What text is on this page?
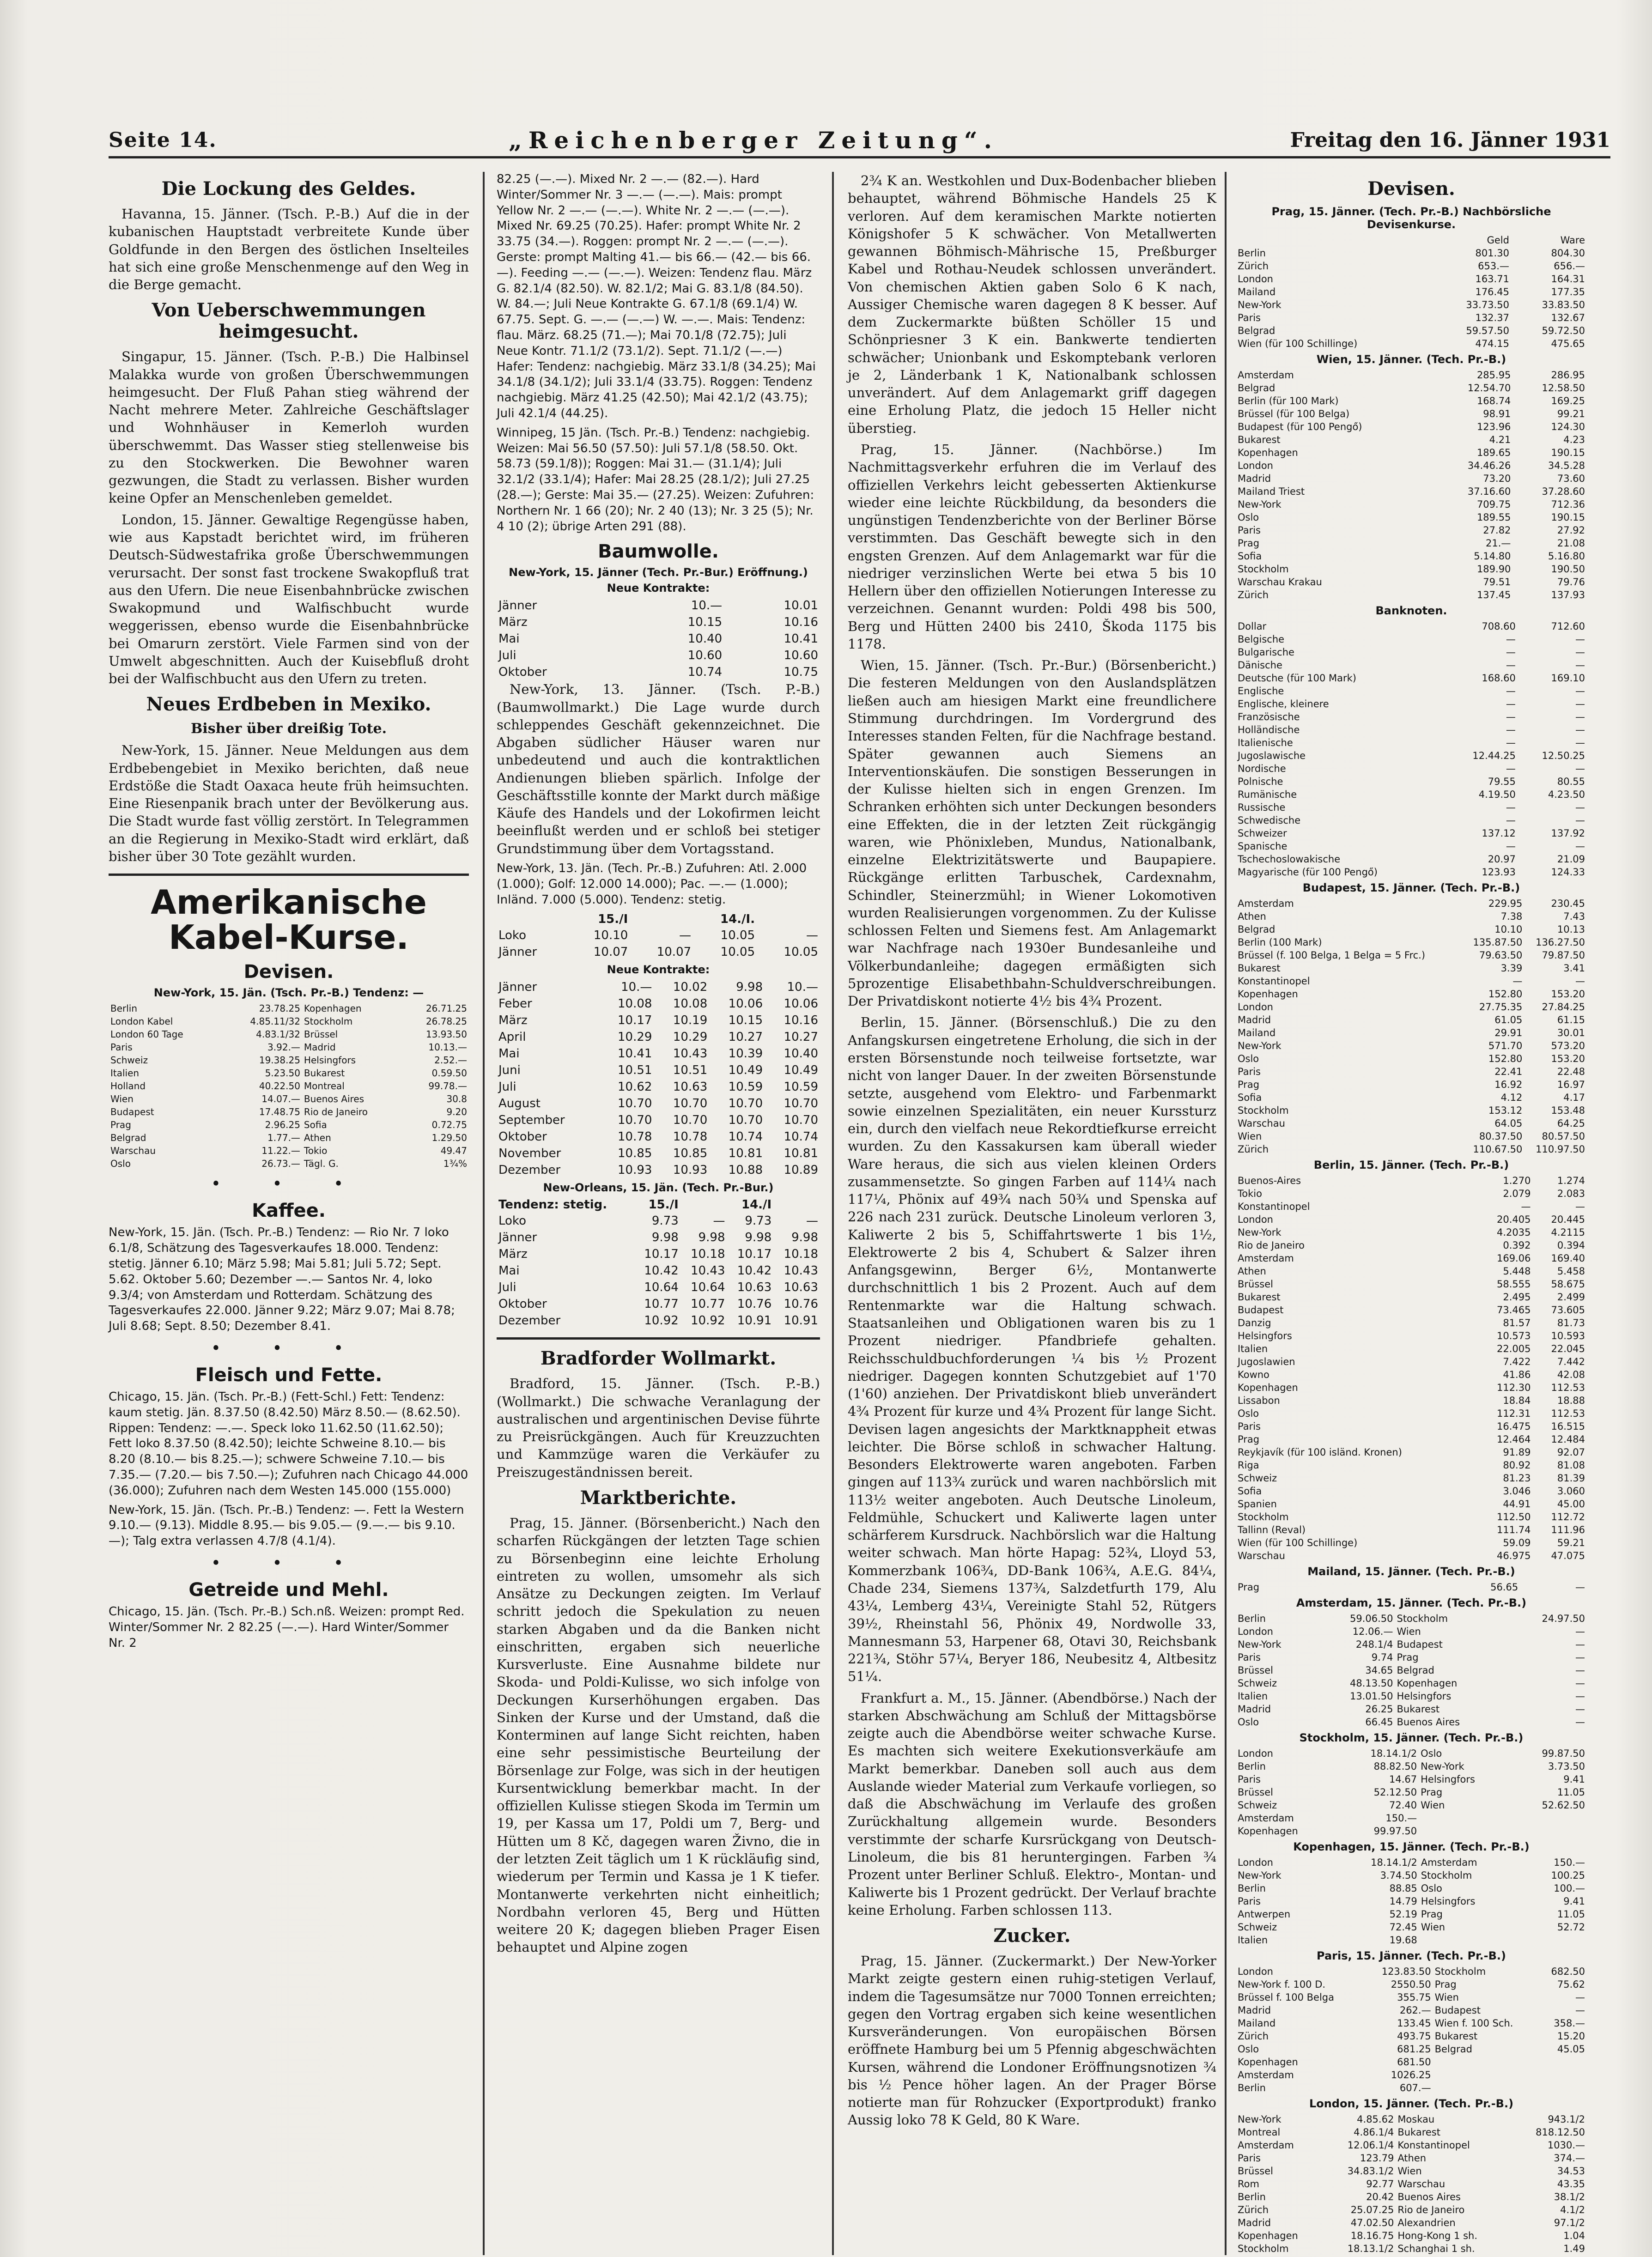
Seite 14.	„Reichenberger Zeitung“.	Freitag den 16. Jänner 1931
Die Lockung des Geldes.

Havanna, 15. Jänner. (Tsch. P.-B.) Auf die in der kubanischen Hauptstadt verbreitete Kunde über Goldfunde in den Bergen des östlichen Inselteiles hat sich eine große Menschenmenge auf den Weg in die Berge gemacht.

Von Ueberschwemmungen heimgesucht.

Singapur, 15. Jänner. (Tsch. P.-B.) Die Halbinsel Malakka wurde von großen Überschwemmungen heimgesucht. Der Fluß Pahan stieg während der Nacht mehrere Meter. Zahlreiche Geschäftslager und Wohnhäuser in Kemerloh wurden überschwemmt. Das Wasser stieg stellenweise bis zu den Stockwerken. Die Bewohner waren gezwungen, die Stadt zu verlassen. Bisher wurden keine Opfer an Menschenleben gemeldet.

London, 15. Jänner. Gewaltige Regengüsse haben, wie aus Kapstadt berichtet wird, im früheren Deutsch-Südwestafrika große Überschwemmungen verursacht. Der sonst fast trockene Swakopfluß trat aus den Ufern. Die neue Eisenbahnbrücke zwischen Swakopmund und Walfischbucht wurde weggerissen, ebenso wurde die Eisenbahnbrücke bei Omarurn zerstört. Viele Farmen sind von der Umwelt abgeschnitten. Auch der Kuisebfluß droht bei der Walfischbucht aus den Ufern zu treten.

Neues Erdbeben in Mexiko.
Bisher über dreißig Tote.

New-York, 15. Jänner. Neue Meldungen aus dem Erdbebengebiet in Mexiko berichten, daß neue Erdstöße die Stadt Oaxaca heute früh heimsuchten. Eine Riesenpanik brach unter der Bevölkerung aus. Die Stadt wurde fast völlig zerstört. In Telegrammen an die Regierung in Mexiko-Stadt wird erklärt, daß bisher über 30 Tote gezählt wurden.

Amerikanische Kabel-Kurse.
Devisen.
New-York, 15. Jän. (Tsch. Pr.-B.) Tendenz: —
Berlin	23.78.25	Kopenhagen	26.71.25
London Kabel	4.85.11/32	Stockholm	26.78.25
London 60 Tage	4.83.1/32	Brüssel	13.93.50
Paris	3.92.—	Madrid	10.13.—
Schweiz	19.38.25	Helsingfors	2.52.—
Italien	5.23.50	Bukarest	0.59.50
Holland	40.22.50	Montreal	99.78.—
Wien	14.07.—	Buenos Aires	30.8
Budapest	17.48.75	Rio de Janeiro	9.20
Prag	2.96.25	Sofia	0.72.75
Belgrad	1.77.—	Athen	1.29.50
Warschau	11.22.—	Tokio	49.47
Oslo	26.73.—	Tägl. G.	1¾%
• • •
Kaffee.

New-York, 15. Jän. (Tsch. Pr.-B.) Tendenz: — Rio Nr. 7 loko 6.1/8, Schätzung des Tagesverkaufes 18.000. Tendenz: stetig. Jänner 6.10; März 5.98; Mai 5.81; Juli 5.72; Sept. 5.62. Oktober 5.60; Dezember —.— Santos Nr. 4, loko 9.3/4; von Amsterdam und Rotterdam. Schätzung des Tagesverkaufes 22.000. Jänner 9.22; März 9.07; Mai 8.78; Juli 8.68; Sept. 8.50; Dezember 8.41.

• • •
Fleisch und Fette.

Chicago, 15. Jän. (Tsch. Pr.-B.) (Fett-Schl.) Fett: Tendenz: kaum stetig. Jän. 8.37.50 (8.42.50) März 8.50.— (8.62.50). Rippen: Tendenz: —.—. Speck loko 11.62.50 (11.62.50); Fett loko 8.37.50 (8.42.50); leichte Schweine 8.10.— bis 8.20 (8.10.— bis 8.25.—); schwere Schweine 7.10.— bis 7.35.— (7.20.— bis 7.50.—); Zufuhren nach Chicago 44.000 (36.000); Zufuhren nach dem Westen 145.000 (155.000)

New-York, 15. Jän. (Tsch. Pr.-B.) Tendenz: —. Fett la Western 9.10.— (9.13). Middle 8.95.— bis 9.05.— (9.—.— bis 9.10.—); Talg extra verlassen 4.7/8 (4.1/4).

• • •
Getreide und Mehl.

Chicago, 15. Jän. (Tsch. Pr.-B.) Sch.nß. Weizen: prompt Red. Winter/Sommer Nr. 2 82.25 (—.—). Hard Winter/Sommer Nr. 2

82.25 (—.—). Mixed Nr. 2 —.— (82.—). Hard Winter/Sommer Nr. 3 —.— (—.—). Mais: prompt Yellow Nr. 2 —.— (—.—). White Nr. 2 —.— (—.—). Mixed Nr. 69.25 (70.25). Hafer: prompt White Nr. 2 33.75 (34.—). Roggen: prompt Nr. 2 —.— (—.—). Gerste: prompt Malting 41.— bis 66.— (42.— bis 66.—). Feeding —.— (—.—). Weizen: Tendenz flau. März G. 82.1/4 (82.50). W. 82.1/2; Mai G. 83.1/8 (84.50). W. 84.—; Juli Neue Kontrakte G. 67.1/8 (69.1/4) W. 67.75. Sept. G. —.— (—.—) W. —.—. Mais: Tendenz: flau. März. 68.25 (71.—); Mai 70.1/8 (72.75); Juli Neue Kontr. 71.1/2 (73.1/2). Sept. 71.1/2 (—.—) Hafer: Tendenz: nachgiebig. März 33.1/8 (34.25); Mai 34.1/8 (34.1/2); Juli 33.1/4 (33.75). Roggen: Tendenz nachgiebig. März 41.25 (42.50); Mai 42.1/2 (43.75); Juli 42.1/4 (44.25).

Winnipeg, 15 Jän. (Tsch. Pr.-B.) Tendenz: nachgiebig. Weizen: Mai 56.50 (57.50): Juli 57.1/8 (58.50. Okt. 58.73 (59.1/8)); Roggen: Mai 31.— (31.1/4); Juli 32.1/2 (33.1/4); Hafer: Mai 28.25 (28.1/2); Juli 27.25 (28.—); Gerste: Mai 35.— (27.25). Weizen: Zufuhren: Northern Nr. 1 66 (20); Nr. 2 40 (13); Nr. 3 25 (5); Nr. 4 10 (2); übrige Arten 291 (88).

Baumwolle.
New-York, 15. Jänner (Tech. Pr.-Bur.) Eröffnung.)
Neue Kontrakte:
Jänner	10.—	10.01
März	10.15	10.16
Mai	10.40	10.41
Juli	10.60	10.60
Oktober	10.74	10.75

New-York, 13. Jänner. (Tsch. P.-B.) (Baumwollmarkt.) Die Lage wurde durch schleppendes Geschäft gekennzeichnet. Die Abgaben südlicher Häuser waren nur unbedeutend und auch die kontraktlichen Andienungen blieben spärlich. Infolge der Geschäftsstille konnte der Markt durch mäßige Käufe des Handels und der Lokofirmen leicht beeinflußt werden und er schloß bei stetiger Grundstimmung über dem Vortagsstand.

New-York, 13. Jän. (Tech. Pr.-B.) Zufuhren: Atl. 2.000 (1.000); Golf: 12.000 14.000); Pac. —.— (1.000); Inländ. 7.000 (5.000). Tendenz: stetig.

	15./I		14./I.	
Loko	10.10	—	10.05	—
Jänner	10.07	10.07	10.05	10.05
Neue Kontrakte:
Jänner	10.—	10.02	9.98	10.—
Feber	10.08	10.08	10.06	10.06
März	10.17	10.19	10.15	10.16
April	10.29	10.29	10.27	10.27
Mai	10.41	10.43	10.39	10.40
Juni	10.51	10.51	10.49	10.49
Juli	10.62	10.63	10.59	10.59
August	10.70	10.70	10.70	10.70
September	10.70	10.70	10.70	10.70
Oktober	10.78	10.78	10.74	10.74
November	10.85	10.85	10.81	10.81
Dezember	10.93	10.93	10.88	10.89
New-Orleans, 15. Jän. (Tech. Pr.-Bur.)
Tendenz: stetig.	15./I		14./I	
Loko	9.73	—	9.73	—
Jänner	9.98	9.98	9.98	9.98
März	10.17	10.18	10.17	10.18
Mai	10.42	10.43	10.42	10.43
Juli	10.64	10.64	10.63	10.63
Oktober	10.77	10.77	10.76	10.76
Dezember	10.92	10.92	10.91	10.91
Bradforder Wollmarkt.

Bradford, 15. Jänner. (Tsch. P.-B.) (Wollmarkt.) Die schwache Veranlagung der australischen und argentinischen Devise führte zu Preisrückgängen. Auch für Kreuzzuchten und Kammzüge waren die Verkäufer zu Preiszugeständnissen bereit.

Marktberichte.

Prag, 15. Jänner. (Börsenbericht.) Nach den scharfen Rückgängen der letzten Tage schien zu Börsenbeginn eine leichte Erholung eintreten zu wollen, umsomehr als sich Ansätze zu Deckungen zeigten. Im Verlauf schritt jedoch die Spekulation zu neuen starken Abgaben und da die Banken nicht einschritten, ergaben sich neuerliche Kursverluste. Eine Ausnahme bildete nur Skoda- und Poldi-Kulisse, wo sich infolge von Deckungen Kurserhöhungen ergaben. Das Sinken der Kurse und der Umstand, daß die Konterminen auf lange Sicht reichten, haben eine sehr pessimistische Beurteilung der Börsenlage zur Folge, was sich in der heutigen Kursentwicklung bemerkbar macht. In der offiziellen Kulisse stiegen Skoda im Termin um 19, per Kassa um 17, Poldi um 7, Berg- und Hütten um 8 Kč, dagegen waren Živno, die in der letzten Zeit täglich um 1 K rückläufig sind, wiederum per Termin und Kassa je 1 K tiefer. Montanwerte verkehrten nicht einheitlich; Nordbahn verloren 45, Berg und Hütten weitere 20 K; dagegen blieben Prager Eisen behauptet und Alpine zogen

2¾ K an. Westkohlen und Dux-Bodenbacher blieben behauptet, während Böhmische Handels 25 K verloren. Auf dem keramischen Markte notierten Königshofer 5 K schwächer. Von Metallwerten gewannen Böhmisch-Mährische 15, Preßburger Kabel und Rothau-Neudek schlossen unverändert. Von chemischen Aktien gaben Solo 6 K nach, Aussiger Chemische waren dagegen 8 K besser. Auf dem Zuckermarkte büßten Schöller 15 und Schönpriesner 3 K ein. Bankwerte tendierten schwächer; Unionbank und Eskomptebank verloren je 2, Länderbank 1 K, Nationalbank schlossen unverändert. Auf dem Anlagemarkt griff dagegen eine Erholung Platz, die jedoch 15 Heller nicht überstieg.

Prag, 15. Jänner. (Nachbörse.) Im Nachmittagsverkehr erfuhren die im Verlauf des offiziellen Verkehrs leicht gebesserten Aktienkurse wieder eine leichte Rückbildung, da besonders die ungünstigen Tendenzberichte von der Berliner Börse verstimmten. Das Geschäft bewegte sich in den engsten Grenzen. Auf dem Anlagemarkt war für die niedriger verzinslichen Werte bei etwa 5 bis 10 Hellern über den offiziellen Notierungen Interesse zu verzeichnen. Genannt wurden: Poldi 498 bis 500, Berg und Hütten 2400 bis 2410, Škoda 1175 bis 1178.

Wien, 15. Jänner. (Tsch. Pr.-Bur.) (Börsenbericht.) Die festeren Meldungen von den Auslandsplätzen ließen auch am hiesigen Markt eine freundlichere Stimmung durchdringen. Im Vordergrund des Interesses standen Felten, für die Nachfrage bestand. Später gewannen auch Siemens an Interventionskäufen. Die sonstigen Besserungen in der Kulisse hielten sich in engen Grenzen. Im Schranken erhöhten sich unter Deckungen besonders eine Effekten, die in der letzten Zeit rückgängig waren, wie Phönixleben, Mundus, Nationalbank, einzelne Elektrizitätswerte und Baupapiere. Rückgänge erlitten Tarbuschek, Cardexnahm, Schindler, Steinerzmühl; in Wiener Lokomotiven wurden Realisierungen vorgenommen. Zu der Kulisse schlossen Felten und Siemens fest. Am Anlagemarkt war Nachfrage nach 1930er Bundesanleihe und Völkerbundanleihe; dagegen ermäßigten sich 5prozentige Elisabethbahn-Schuldverschreibungen. Der Privatdiskont notierte 4½ bis 4¾ Prozent.

Berlin, 15. Jänner. (Börsenschluß.) Die zu den Anfangskursen eingetretene Erholung, die sich in der ersten Börsenstunde noch teilweise fortsetzte, war nicht von langer Dauer. In der zweiten Börsenstunde setzte, ausgehend vom Elektro- und Farbenmarkt sowie einzelnen Spezialitäten, ein neuer Kurssturz ein, durch den vielfach neue Rekordtiefkurse erreicht wurden. Zu den Kassakursen kam überall wieder Ware heraus, die sich aus vielen kleinen Orders zusammensetzte. So gingen Farben auf 114¼ nach 117¼, Phönix auf 49¾ nach 50¾ und Spenska auf 226 nach 231 zurück. Deutsche Linoleum verloren 3, Kaliwerte 2 bis 5, Schiffahrtswerte 1 bis 1½, Elektrowerte 2 bis 4, Schubert & Salzer ihren Anfangsgewinn, Berger 6½, Montanwerte durchschnittlich 1 bis 2 Prozent. Auch auf dem Rentenmarkte war die Haltung schwach. Staatsanleihen und Obligationen waren bis zu 1 Prozent niedriger. Pfandbriefe gehalten. Reichsschuldbuchforderungen ¼ bis ½ Prozent niedriger. Dagegen konnten Schutzgebiet auf 1'70 (1'60) anziehen. Der Privatdiskont blieb unverändert 4¾ Prozent für kurze und 4¾ Prozent für lange Sicht. Devisen lagen angesichts der Marktknappheit etwas leichter. Die Börse schloß in schwacher Haltung. Besonders Elektrowerte waren angeboten. Farben gingen auf 113¾ zurück und waren nachbörslich mit 113½ weiter angeboten. Auch Deutsche Linoleum, Feldmühle, Schuckert und Kaliwerte lagen unter schärferem Kursdruck. Nachbörslich war die Haltung weiter schwach. Man hörte Hapag: 52¾, Lloyd 53, Kommerzbank 106¾, DD-Bank 106¾, A.E.G. 84¼, Chade 234, Siemens 137¾, Salzdetfurth 179, Alu 43¼, Lemberg 43¼, Vereinigte Stahl 52, Rütgers 39½, Rheinstahl 56, Phönix 49, Nordwolle 33, Mannesmann 53, Harpener 68, Otavi 30, Reichsbank 221¾, Stöhr 57¼, Beryer 186, Neubesitz 4, Altbesitz 51¼.

Frankfurt a. M., 15. Jänner. (Abendbörse.) Nach der starken Abschwächung am Schluß der Mittagsbörse zeigte auch die Abendbörse weiter schwache Kurse. Es machten sich weitere Exekutionsverkäufe am Markt bemerkbar. Daneben soll auch aus dem Auslande wieder Material zum Verkaufe vorliegen, so daß die Abschwächung im Verlaufe des großen Zurückhaltung allgemein wurde. Besonders verstimmte der scharfe Kursrückgang von Deutsch-Linoleum, die bis 81 heruntergingen. Farben ¾ Prozent unter Berliner Schluß. Elektro-, Montan- und Kaliwerte bis 1 Prozent gedrückt. Der Verlauf brachte keine Erholung. Farben schlossen 113.

Zucker.

Prag, 15. Jänner. (Zuckermarkt.) Der New-Yorker Markt zeigte gestern einen ruhig-stetigen Verlauf, indem die Tagesumsätze nur 7000 Tonnen erreichten; gegen den Vortrag ergaben sich keine wesentlichen Kursveränderungen. Von europäischen Börsen eröffnete Hamburg bei um 5 Pfennig abgeschwächten Kursen, während die Londoner Eröffnungsnotizen ¾ bis ½ Pence höher lagen. An der Prager Börse notierte man für Rohzucker (Exportprodukt) franko Aussig loko 78 K Geld, 80 K Ware.

Devisen.
Prag, 15. Jänner. (Tech. Pr.-B.) Nachbörsliche Devisenkurse.
	Geld	Ware
Berlin	801.30	804.30
Zürich	653.—	656.—
London	163.71	164.31
Mailand	176.45	177.35
New-York	33.73.50	33.83.50
Paris	132.37	132.67
Belgrad	59.57.50	59.72.50
Wien (für 100 Schillinge)	474.15	475.65
Wien, 15. Jänner. (Tech. Pr.-B.)
Amsterdam	285.95	286.95
Belgrad	12.54.70	12.58.50
Berlin (für 100 Mark)	168.74	169.25
Brüssel (für 100 Belga)	98.91	99.21
Budapest (für 100 Pengő)	123.96	124.30
Bukarest	4.21	4.23
Kopenhagen	189.65	190.15
London	34.46.26	34.5.28
Madrid	73.20	73.60
Mailand Triest	37.16.60	37.28.60
New-York	709.75	712.36
Oslo	189.55	190.15
Paris	27.82	27.92
Prag	21.—	21.08
Sofia	5.14.80	5.16.80
Stockholm	189.90	190.50
Warschau Krakau	79.51	79.76
Zürich	137.45	137.93
Banknoten.
Dollar	708.60	712.60
Belgische	—	—
Bulgarische	—	—
Dänische	—	—
Deutsche (für 100 Mark)	168.60	169.10
Englische	—	—
Englische, kleinere	—	—
Französische	—	—
Holländische	—	—
Italienische	—	—
Jugoslawische	12.44.25	12.50.25
Nordische	—	—
Polnische	79.55	80.55
Rumänische	4.19.50	4.23.50
Russische	—	—
Schwedische	—	—
Schweizer	137.12	137.92
Spanische	—	—
Tschechoslowakische	20.97	21.09
Magyarische (für 100 Pengő)	123.93	124.33
Budapest, 15. Jänner. (Tech. Pr.-B.)
Amsterdam	229.95	230.45
Athen	7.38	7.43
Belgrad	10.10	10.13
Berlin (100 Mark)	135.87.50	136.27.50
Brüssel (f. 100 Belga, 1 Belga = 5 Frc.)	79.63.50	79.87.50
Bukarest	3.39	3.41
Konstantinopel	—	—
Kopenhagen	152.80	153.20
London	27.75.35	27.84.25
Madrid	61.05	61.15
Mailand	29.91	30.01
New-York	571.70	573.20
Oslo	152.80	153.20
Paris	22.41	22.48
Prag	16.92	16.97
Sofia	4.12	4.17
Stockholm	153.12	153.48
Warschau	64.05	64.25
Wien	80.37.50	80.57.50
Zürich	110.67.50	110.97.50
Berlin, 15. Jänner. (Tech. Pr.-B.)
Buenos-Aires	1.270	1.274
Tokio	2.079	2.083
Konstantinopel	—	—
London	20.405	20.445
New-York	4.2035	4.2115
Rio de Janeiro	0.392	0.394
Amsterdam	169.06	169.40
Athen	5.448	5.458
Brüssel	58.555	58.675
Bukarest	2.495	2.499
Budapest	73.465	73.605
Danzig	81.57	81.73
Helsingfors	10.573	10.593
Italien	22.005	22.045
Jugoslawien	7.422	7.442
Kowno	41.86	42.08
Kopenhagen	112.30	112.53
Lissabon	18.84	18.88
Oslo	112.31	112.53
Paris	16.475	16.515
Prag	12.464	12.484
Reykjavík (für 100 isländ. Kronen)	91.89	92.07
Riga	80.92	81.08
Schweiz	81.23	81.39
Sofia	3.046	3.060
Spanien	44.91	45.00
Stockholm	112.50	112.72
Tallinn (Reval)	111.74	111.96
Wien (für 100 Schillinge)	59.09	59.21
Warschau	46.975	47.075
Mailand, 15. Jänner. (Tech. Pr.-B.)
Prag	56.65	—
Amsterdam, 15. Jänner. (Tech. Pr.-B.)
Berlin	59.06.50	Stockholm	24.97.50
London	12.06.—	Wien	—
New-York	248.1/4	Budapest	—
Paris	9.74	Prag	—
Brüssel	34.65	Belgrad	—
Schweiz	48.13.50	Kopenhagen	—
Italien	13.01.50	Helsingfors	—
Madrid	26.25	Bukarest	—
Oslo	66.45	Buenos Aires	—
Stockholm, 15. Jänner. (Tech. Pr.-B.)
London	18.14.1/2	Oslo	99.87.50
Berlin	88.82.50	New-York	3.73.50
Paris	14.67	Helsingfors	9.41
Brüssel	52.12.50	Prag	11.05
Schweiz	72.40	Wien	52.62.50
Amsterdam	150.—		
Kopenhagen	99.97.50		
Kopenhagen, 15. Jänner. (Tech. Pr.-B.)
London	18.14.1/2	Amsterdam	150.—
New-York	3.74.50	Stockholm	100.25
Berlin	88.85	Oslo	100.—
Paris	14.79	Helsingfors	9.41
Antwerpen	52.19	Prag	11.05
Schweiz	72.45	Wien	52.72
Italien	19.68		
Paris, 15. Jänner. (Tech. Pr.-B.)
London	123.83.50	Stockholm	682.50
New-York f. 100 D.	2550.50	Prag	75.62
Brüssel f. 100 Belga	355.75	Wien	—
Madrid	262.—	Budapest	—
Mailand	133.45	Wien f. 100 Sch.	358.—
Zürich	493.75	Bukarest	15.20
Oslo	681.25	Belgrad	45.05
Kopenhagen	681.50		
Amsterdam	1026.25		
Berlin	607.—		
London, 15. Jänner. (Tech. Pr.-B.)
New-York	4.85.62	Moskau	943.1/2
Montreal	4.86.1/4	Bukarest	818.12.50
Amsterdam	12.06.1/4	Konstantinopel	1030.—
Paris	123.79	Athen	374.—
Brüssel	34.83.1/2	Wien	34.53
Rom	92.77	Warschau	43.35
Berlin	20.42	Buenos Aires	38.1/2
Zürich	25.07.25	Rio de Janeiro	4.1/2
Madrid	47.02.50	Alexandrien	97.1/2
Kopenhagen	18.16.75	Hong-Kong 1 sh.	1.04
Stockholm	18.13.1/2	Schanghai 1 sh.	1.49
